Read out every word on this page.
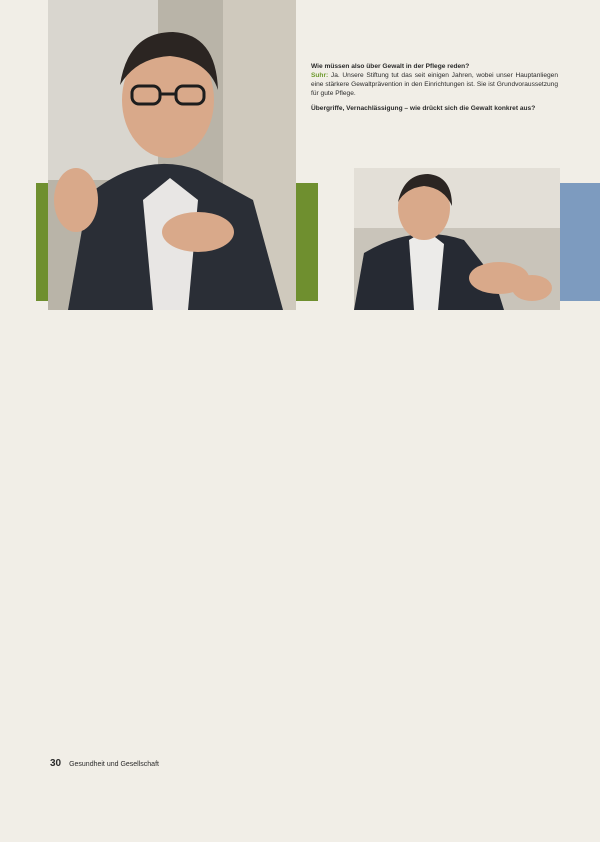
Wie müssen also über Gewalt in der Pflege reden?
Suhr: Ja. Unsere Stiftung tut das seit einigen Jahren, wobei unser Hauptanliegen eine stärkere Gewaltprävention in den Einrichtungen ist. Sie ist Grundvoraussetzung für gute Pflege.

Übergriffe, Vernachlässigung – wie drückt sich die Gewalt konkret aus?

30 Gesundheit und Gesellschaft
